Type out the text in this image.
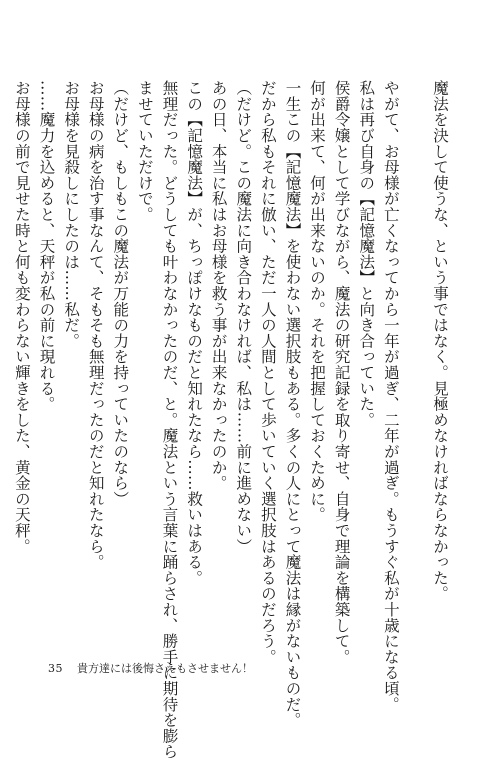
魔法を決して使うな、という事ではなく。見極めなければならなかった。
やがて、お母様が亡くなってから一年が過ぎ、二年が過ぎ。もうすぐ私が十歳になる頃。
私は再び自身の【記憶魔法】と向き合っていた。
侯爵令嬢として学びながら、魔法の研究記録を取り寄せ、自身で理論を構築して。
何が出来て、何が出来ないのか。それを把握しておくために。
一生この【記憶魔法】を使わない選択肢もある。多くの人にとって魔法は縁がないものだ。
だから私もそれに倣い、ただ一人の人間として歩いていく選択肢はあるのだろう。
（だけど。この魔法に向き合わなければ、私は……前に進めない）
あの日、本当に私はお母様を救う事が出来なかったのか。
この【記憶魔法】が、ちっぽけなものだと知れたなら……救いはある。
無理だった。どうしても叶わなかったのだ、と。魔法という言葉に踊らされ、勝手に期待を膨ら
ませていただけで。
（だけど、もしもこの魔法が万能の力を持っていたのなら）
お母様の病を治す事なんて、そもそも無理だったのだと知れたなら。
お母様を見殺しにしたのは……私だ。
……魔力を込めると、天秤が私の前に現れる。
お母様の前で見せた時と何も変わらない輝きをした、黄金の天秤。
35 貴方達には後悔さえもさせません！
